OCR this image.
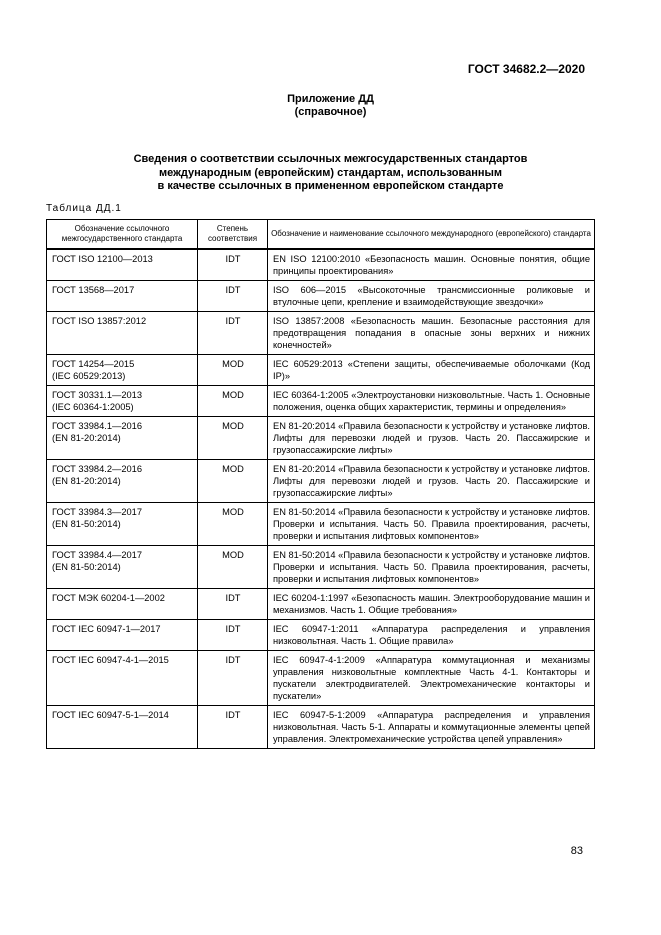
ГОСТ 34682.2—2020
Приложение ДД
(справочное)
Сведения о соответствии ссылочных межгосударственных стандартов
международным (европейским) стандартам, использованным
в качестве ссылочных в примененном европейском стандарте
Таблица ДД.1
Обозначение ссылочного межгосударственного стандарта	Степень соответствия	Обозначение и наименование ссылочного международного (европейского) стандарта

ГОСТ ISO 12100—2013	IDT	EN ISO 12100:2010 «Безопасность машин. Основные понятия, общие принципы проектирования»

ГОСТ 13568—2017	IDT	ISO 606—2015 «Высокоточные трансмиссионные роликовые и втулочные цепи, крепление и взаимодействующие звездочки»

ГОСТ ISO 13857:2012	IDT	ISO 13857:2008 «Безопасность машин. Безопасные расстояния для предотвращения попадания в опасные зоны верхних и нижних конечностей»

ГОСТ 14254—2015
(IEC 60529:2013)	MOD	IEC 60529:2013 «Степени защиты, обеспечиваемые оболочками (Код IP)»

ГОСТ 30331.1—2013
(IEC 60364-1:2005)	MOD	IEC 60364-1:2005 «Электроустановки низковольтные. Часть 1. Основные положения, оценка общих характеристик, термины и определения»

ГОСТ 33984.1—2016
(EN 81-20:2014)	MOD	EN 81-20:2014 «Правила безопасности к устройству и установке лифтов. Лифты для перевозки людей и грузов. Часть 20. Пассажирские и грузопассажирские лифты»

ГОСТ 33984.2—2016
(EN 81-20:2014)	MOD	EN 81-20:2014 «Правила безопасности к устройству и установке лифтов. Лифты для перевозки людей и грузов. Часть 20. Пассажирские и грузопассажирские лифты»

ГОСТ 33984.3—2017
(EN 81-50:2014)	MOD	EN 81-50:2014 «Правила безопасности к устройству и установке лифтов. Проверки и испытания. Часть 50. Правила проектирования, расчеты, проверки и испытания лифтовых компонентов»

ГОСТ 33984.4—2017
(EN 81-50:2014)	MOD	EN 81-50:2014 «Правила безопасности к устройству и установке лифтов. Проверки и испытания. Часть 50. Правила проектирования, расчеты, проверки и испытания лифтовых компонентов»

ГОСТ МЭК 60204-1—2002	IDT	IEC 60204-1:1997 «Безопасность машин. Электрооборудование машин и механизмов. Часть 1. Общие требования»

ГОСТ IEC 60947-1—2017	IDT	IEC 60947-1:2011 «Аппаратура распределения и управления низковольтная. Часть 1. Общие правила»

ГОСТ IEC 60947-4-1—2015	IDT	IEC 60947-4-1:2009 «Аппаратура коммутационная и механизмы управления низковольтные комплектные Часть 4-1. Контакторы и пускатели электродвигателей. Электромеханические контакторы и пускатели»

ГОСТ IEC 60947-5-1—2014	IDT	IEC 60947-5-1:2009 «Аппаратура распределения и управления низковольтная. Часть 5-1. Аппараты и коммутационные элементы цепей управления. Электромеханические устройства цепей управления»
83
